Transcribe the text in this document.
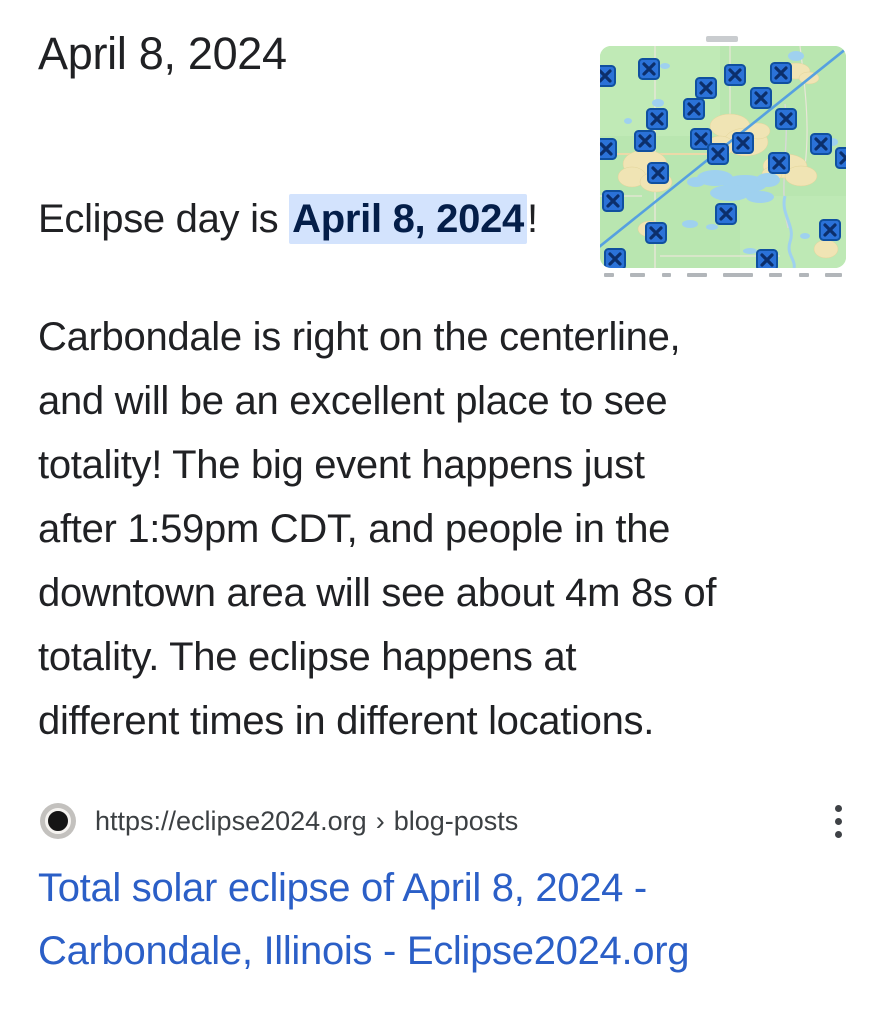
April 8, 2024

Eclipse day is April 8, 2024!

Carbondale is right on the centerline,
and will be an excellent place to see
totality! The big event happens just
after 1:59pm CDT, and people in the
downtown area will see about 4m 8s of
totality. The eclipse happens at
different times in different locations.
https://eclipse2024.org › blog-posts
Total solar eclipse of April 8, 2024 -
Carbondale, Illinois - Eclipse2024.org
